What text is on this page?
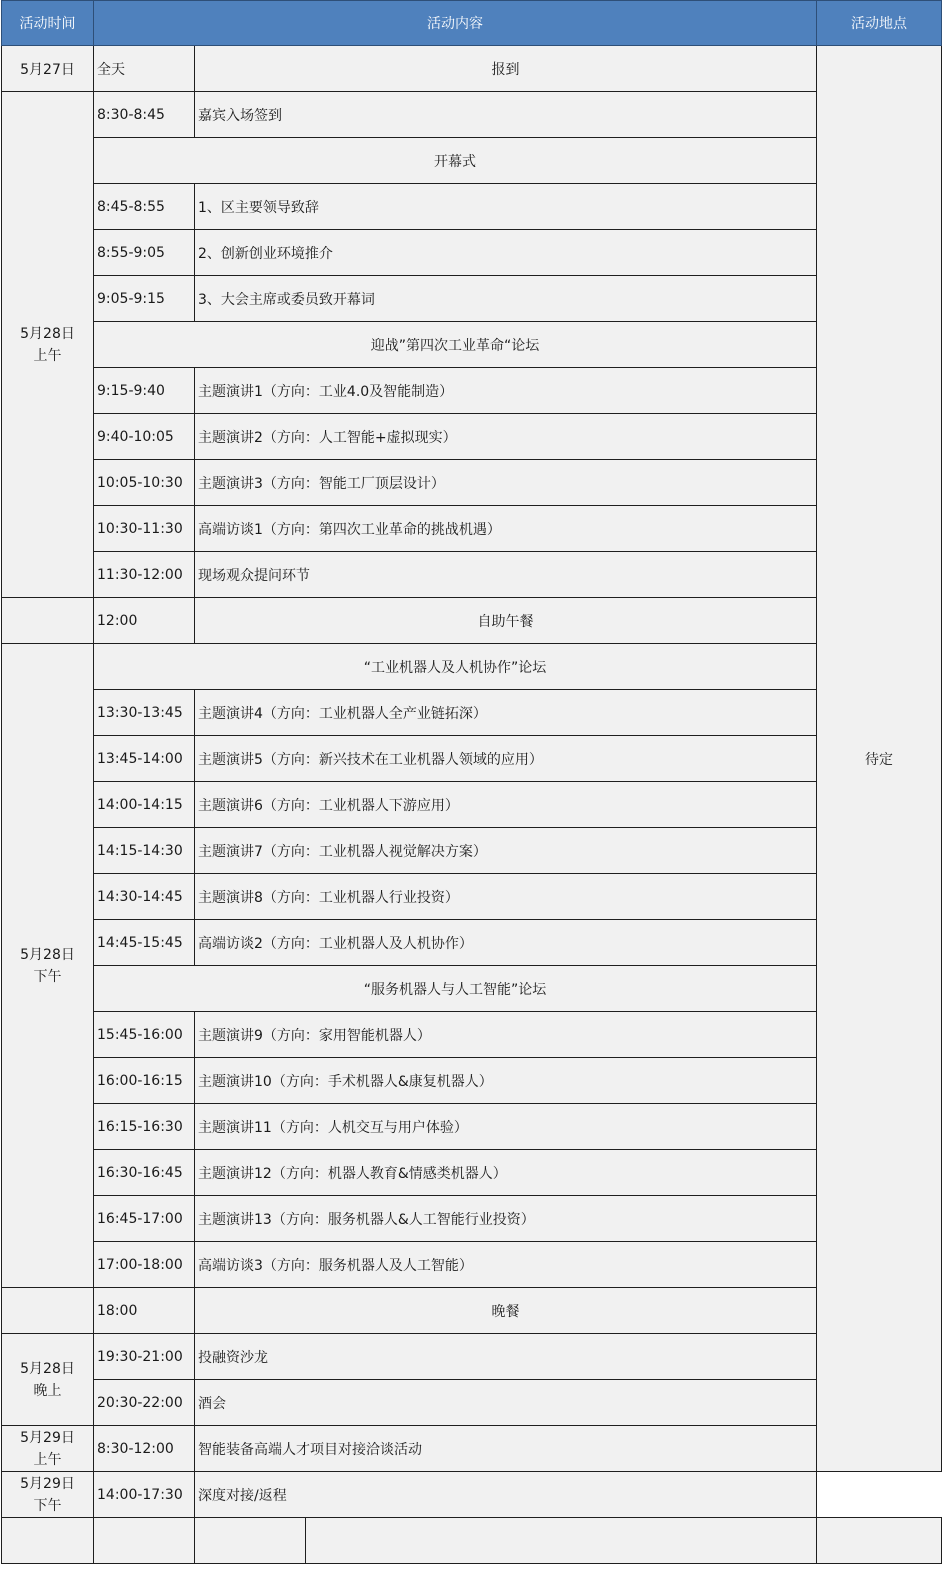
活动时间	活动内容			活动地点
5月27日	全天	报到		待定
5月28日
上午	8:30-8:45	嘉宾入场签到		
	开幕式			
	8:45-8:55	1、区主要领导致辞		
	8:55-9:05	2、创新创业环境推介		
	9:05-9:15	3、大会主席或委员致开幕词		
	迎战”第四次工业革命“论坛			
	9:15-9:40	主题演讲1（方向：工业4.0及智能制造）		
	9:40-10:05	主题演讲2（方向：人工智能+虚拟现实）		
	10:05-10:30	主题演讲3（方向：智能工厂顶层设计）		
	10:30-11:30	高端访谈1（方向：第四次工业革命的挑战机遇）		
	11:30-12:00	现场观众提问环节		
	12:00	自助午餐		
5月28日
下午	“工业机器人及人机协作”论坛			
	13:30-13:45	主题演讲4（方向：工业机器人全产业链拓深）		
	13:45-14:00	主题演讲5（方向：新兴技术在工业机器人领域的应用）		
	14:00-14:15	主题演讲6（方向：工业机器人下游应用）		
	14:15-14:30	主题演讲7（方向：工业机器人视觉解决方案）		
	14:30-14:45	主题演讲8（方向：工业机器人行业投资）		
	14:45-15:45	高端访谈2（方向：工业机器人及人机协作）		
	“服务机器人与人工智能”论坛			
	15:45-16:00	主题演讲9（方向：家用智能机器人）		
	16:00-16:15	主题演讲10（方向：手术机器人&康复机器人）		
	16:15-16:30	主题演讲11（方向：人机交互与用户体验）		
	16:30-16:45	主题演讲12（方向：机器人教育&情感类机器人）		
	16:45-17:00	主题演讲13（方向：服务机器人&人工智能行业投资）		
	17:00-18:00	高端访谈3（方向：服务机器人及人工智能）		
	18:00	晚餐		
5月28日
晚上	19:30-21:00	投融资沙龙		
	20:30-22:00	酒会		
5月29日
上午	8:30-12:00	智能装备高端人才项目对接洽谈活动		
5月29日
下午	14:00-17:30	深度对接/返程		
